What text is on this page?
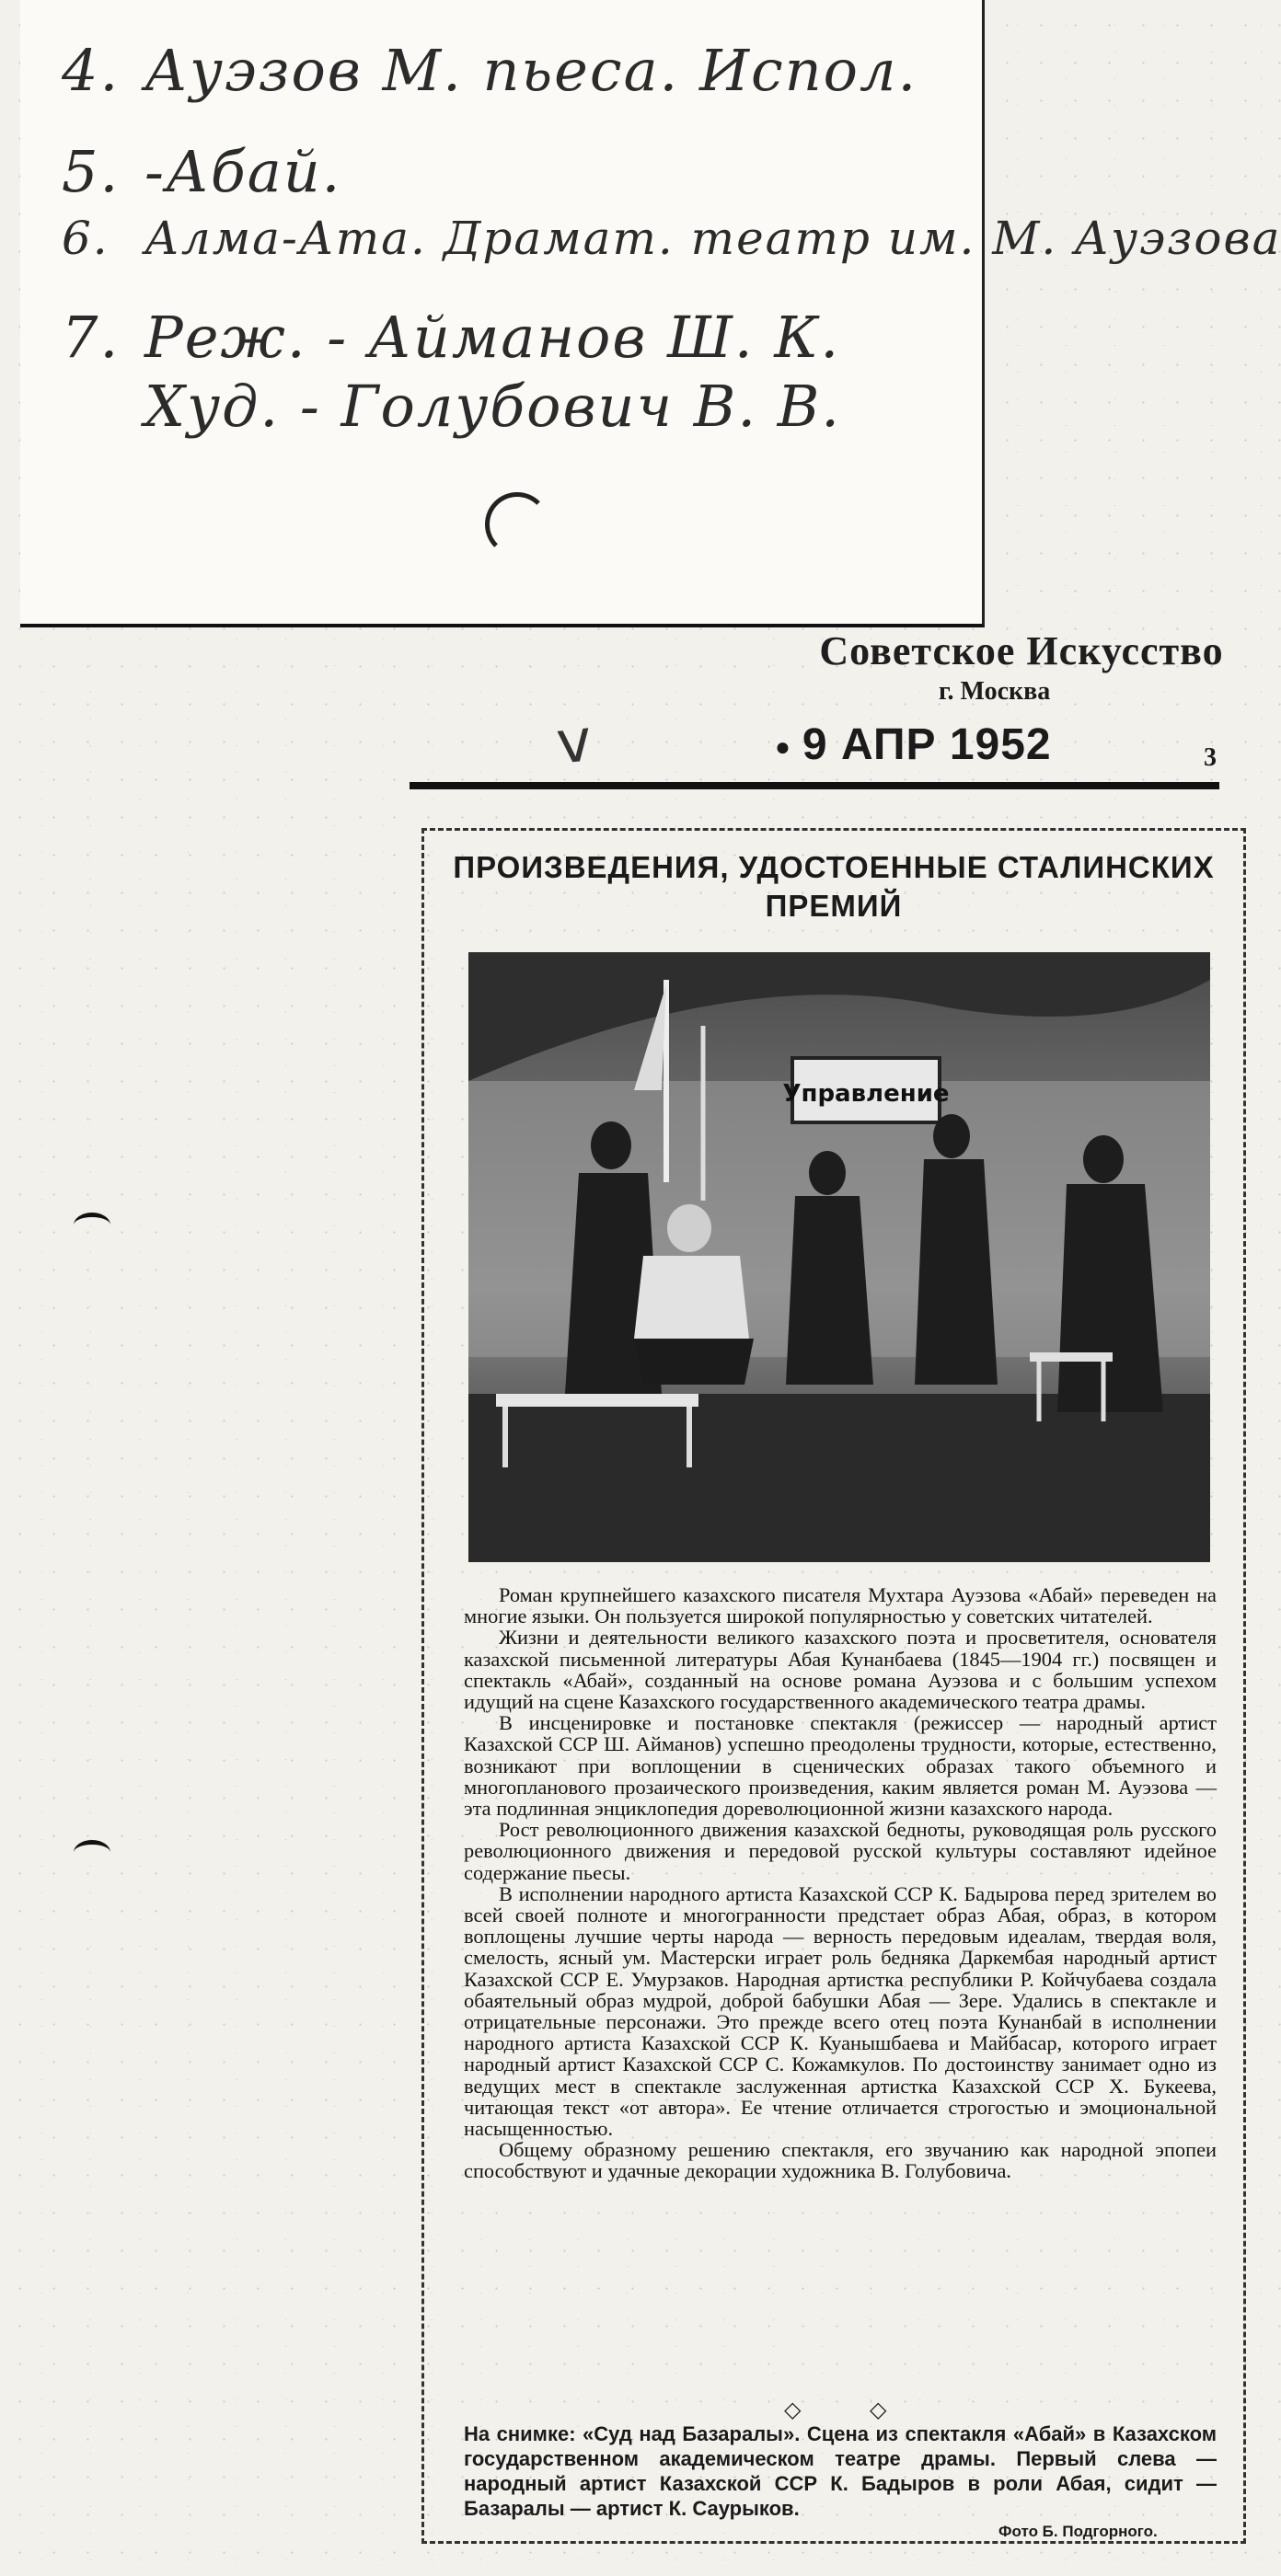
4. Ауэзов М. пьеса. Испол.
5. -Абай.
6. Алма-Ата. Драмат. театр им. М. Ауэзова
7. Реж. - Айманов Ш. К.
Худ. - Голубович В. В.
Советское Искусство
г. Москва
ⅴ	● 9 АПР 1952	3
ПРОИЗВЕДЕНИЯ, УДОСТОЕННЫЕ СТАЛИНСКИХ ПРЕМИЙ
Управление

Роман крупнейшего казахского писателя Мухтара Ауэзова «Абай» переведен на многие языки. Он пользуется широкой популярностью у советских читателей.

Жизни и деятельности великого казахского поэта и просветителя, основателя казахской письменной литературы Абая Кунанбаева (1845—1904 гг.) посвящен и спектакль «Абай», созданный на основе романа Ауэзова и с большим успехом идущий на сцене Казахского государственного академического театра драмы.

В инсценировке и постановке спектакля (режиссер — народный артист Казахской ССР Ш. Айманов) успешно преодолены трудности, которые, естественно, возникают при воплощении в сценических образах такого объемного и многопланового прозаического произведения, каким является роман М. Ауэзова — эта подлинная энциклопедия дореволюционной жизни казахского народа.

Рост революционного движения казахской бедноты, руководящая роль русского революционного движения и передовой русской культуры составляют идейное содержание пьесы.

В исполнении народного артиста Казахской ССР К. Бадырова перед зрителем во всей своей полноте и многогранности предстает образ Абая, образ, в котором воплощены лучшие черты народа — верность передовым идеалам, твердая воля, смелость, ясный ум. Мастерски играет роль бедняка Даркембая народный артист Казахской ССР Е. Умурзаков. Народная артистка республики Р. Койчубаева создала обаятельный образ мудрой, доброй бабушки Абая — Зере. Удались в спектакле и отрицательные персонажи. Это прежде всего отец поэта Кунанбай в исполнении народного артиста Казахской ССР К. Куанышбаева и Майбасар, которого играет народный артист Казахской ССР С. Кожамкулов. По достоинству занимает одно из ведущих мест в спектакле заслуженная артистка Казахской ССР Х. Букеева, читающая текст «от автора». Ее чтение отличается строгостью и эмоциональной насыщенностью.

Общему образному решению спектакля, его звучанию как народной эпопеи способствуют и удачные декорации художника В. Голубовича.

◇	◇
На снимке: «Суд над Базаралы». Сцена из спектакля «Абай» в Казахском государственном академическом театре драмы. Первый слева — народный артист Казахской ССР К. Бадыров в роли Абая, сидит — Базаралы — артист К. Саурыков.
Фото Б. Подгорного.
